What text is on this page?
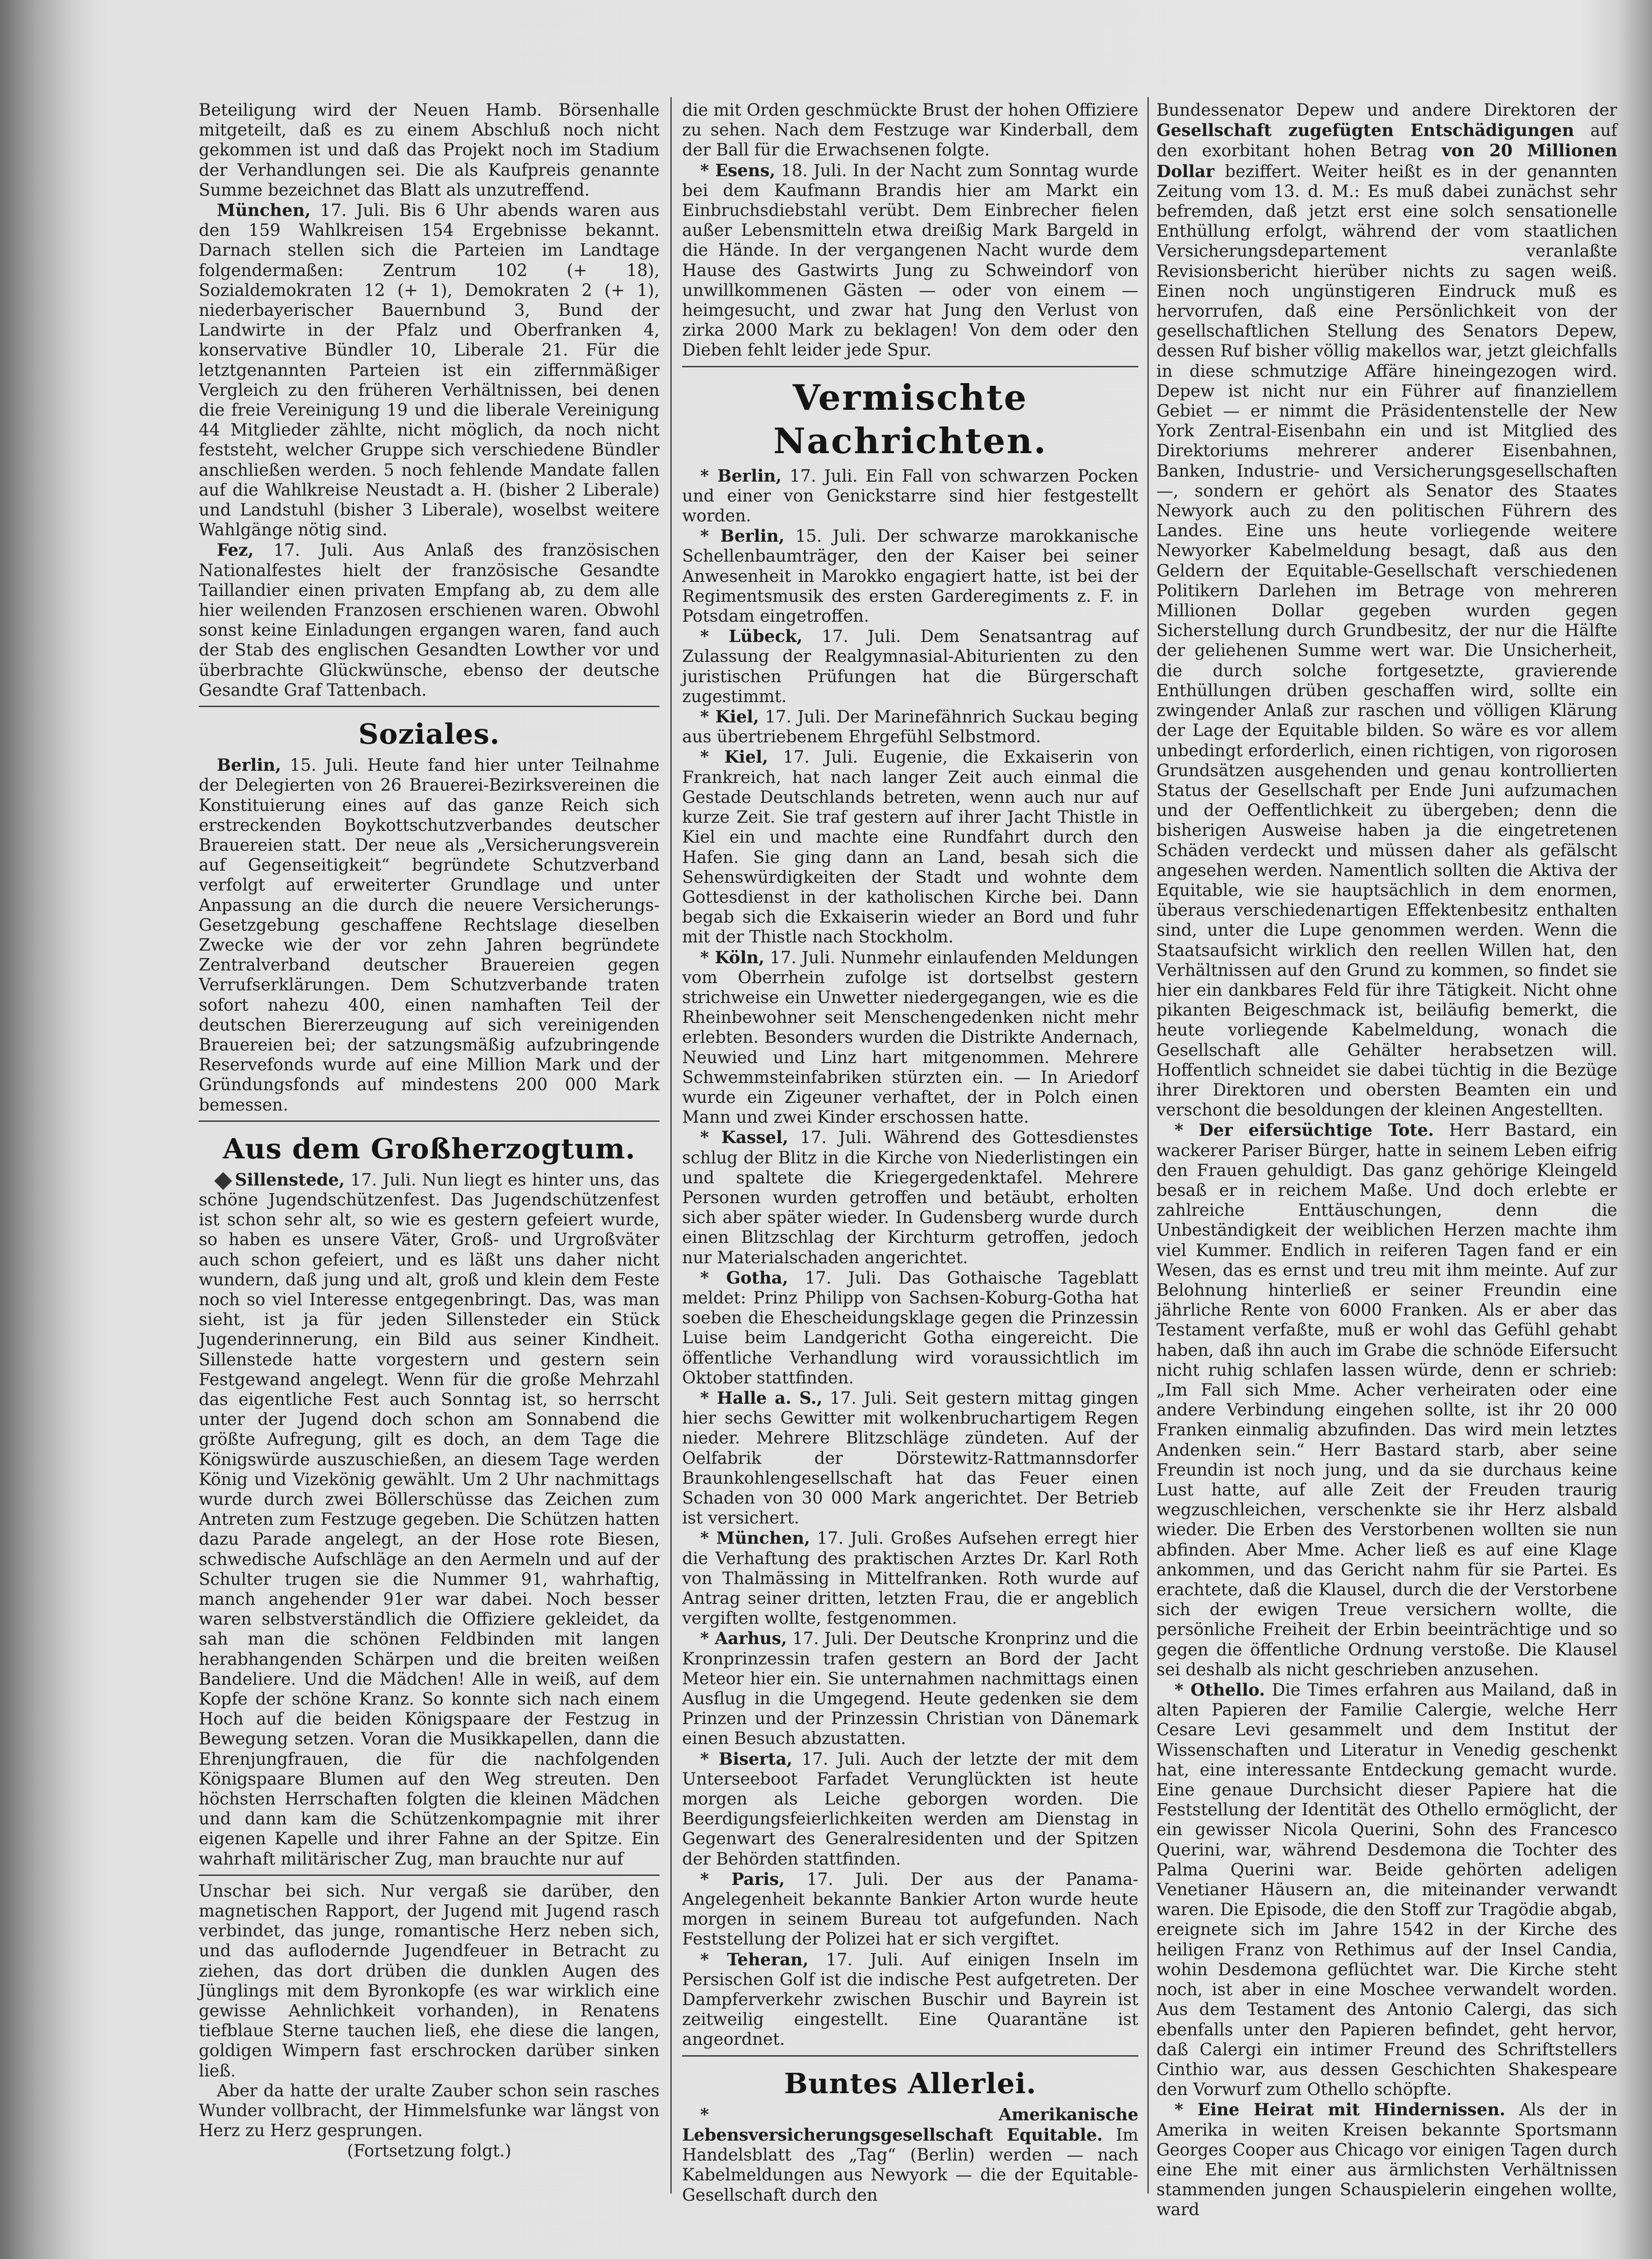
Beteiligung wird der Neuen Hamb. Börsenhalle mitgeteilt, daß es zu einem Abschluß noch nicht gekommen ist und daß das Projekt noch im Stadium der Verhandlungen sei. Die als Kaufpreis genannte Summe bezeichnet das Blatt als unzutreffend.

München, 17. Juli. Bis 6 Uhr abends waren aus den 159 Wahlkreisen 154 Ergebnisse bekannt. Darnach stellen sich die Parteien im Landtage folgendermaßen: Zentrum 102 (+ 18), Sozialdemokraten 12 (+ 1), Demokraten 2 (+ 1), niederbayerischer Bauernbund 3, Bund der Landwirte in der Pfalz und Oberfranken 4, konservative Bündler 10, Liberale 21. Für die letztgenannten Parteien ist ein ziffernmäßiger Vergleich zu den früheren Verhältnissen, bei denen die freie Vereinigung 19 und die liberale Vereinigung 44 Mitglieder zählte, nicht möglich, da noch nicht feststeht, welcher Gruppe sich verschiedene Bündler anschließen werden. 5 noch fehlende Mandate fallen auf die Wahlkreise Neustadt a. H. (bisher 2 Liberale) und Landstuhl (bisher 3 Liberale), woselbst weitere Wahlgänge nötig sind.

Fez, 17. Juli. Aus Anlaß des französischen Nationalfestes hielt der französische Gesandte Taillandier einen privaten Empfang ab, zu dem alle hier weilenden Franzosen erschienen waren. Obwohl sonst keine Einladungen ergangen waren, fand auch der Stab des englischen Gesandten Lowther vor und überbrachte Glückwünsche, ebenso der deutsche Gesandte Graf Tattenbach.

Soziales.

Berlin, 15. Juli. Heute fand hier unter Teilnahme der Delegierten von 26 Brauerei-Bezirksvereinen die Konstituierung eines auf das ganze Reich sich erstreckenden Boykottschutzverbandes deutscher Brauereien statt. Der neue als „Versicherungsverein auf Gegenseitigkeit“ begründete Schutzverband verfolgt auf erweiterter Grundlage und unter Anpassung an die durch die neuere Versicherungs-Gesetzgebung geschaffene Rechtslage dieselben Zwecke wie der vor zehn Jahren begründete Zentralverband deutscher Brauereien gegen Verrufserklärungen. Dem Schutzverbande traten sofort nahezu 400, einen namhaften Teil der deutschen Biererzeugung auf sich vereinigenden Brauereien bei; der satzungsmäßig aufzubringende Reservefonds wurde auf eine Million Mark und der Gründungsfonds auf mindestens 200 000 Mark bemessen.

Aus dem Großherzogtum.

Sillenstede, 17. Juli. Nun liegt es hinter uns, das schöne Jugendschützenfest. Das Jugendschützenfest ist schon sehr alt, so wie es gestern gefeiert wurde, so haben es unsere Väter, Groß- und Urgroßväter auch schon gefeiert, und es läßt uns daher nicht wundern, daß jung und alt, groß und klein dem Feste noch so viel Interesse entgegenbringt. Das, was man sieht, ist ja für jeden Sillensteder ein Stück Jugenderinnerung, ein Bild aus seiner Kindheit. Sillenstede hatte vorgestern und gestern sein Festgewand angelegt. Wenn für die große Mehrzahl das eigentliche Fest auch Sonntag ist, so herrscht unter der Jugend doch schon am Sonnabend die größte Aufregung, gilt es doch, an dem Tage die Königswürde auszuschießen, an diesem Tage werden König und Vizekönig gewählt. Um 2 Uhr nachmittags wurde durch zwei Böllerschüsse das Zeichen zum Antreten zum Festzuge gegeben. Die Schützen hatten dazu Parade angelegt, an der Hose rote Biesen, schwedische Aufschläge an den Aermeln und auf der Schulter trugen sie die Nummer 91, wahrhaftig, manch angehender 91er war dabei. Noch besser waren selbstverständlich die Offiziere gekleidet, da sah man die schönen Feldbinden mit langen herabhangenden Schärpen und die breiten weißen Bandeliere. Und die Mädchen! Alle in weiß, auf dem Kopfe der schöne Kranz. So konnte sich nach einem Hoch auf die beiden Königspaare der Festzug in Bewegung setzen. Voran die Musikkapellen, dann die Ehrenjungfrauen, die für die nachfolgenden Königspaare Blumen auf den Weg streuten. Den höchsten Herrschaften folgten die kleinen Mädchen und dann kam die Schützenkompagnie mit ihrer eigenen Kapelle und ihrer Fahne an der Spitze. Ein wahrhaft militärischer Zug, man brauchte nur auf

Unschar bei sich. Nur vergaß sie darüber, den magnetischen Rapport, der Jugend mit Jugend rasch verbindet, das junge, romantische Herz neben sich, und das auflodernde Jugendfeuer in Betracht zu ziehen, das dort drüben die dunklen Augen des Jünglings mit dem Byronkopfe (es war wirklich eine gewisse Aehnlichkeit vorhanden), in Renatens tiefblaue Sterne tauchen ließ, ehe diese die langen, goldigen Wimpern fast erschrocken darüber sinken ließ.

Aber da hatte der uralte Zauber schon sein rasches Wunder vollbracht, der Himmelsfunke war längst von Herz zu Herz gesprungen.

(Fortsetzung folgt.)

die mit Orden geschmückte Brust der hohen Offiziere zu sehen. Nach dem Festzuge war Kinderball, dem der Ball für die Erwachsenen folgte.

* Esens, 18. Juli. In der Nacht zum Sonntag wurde bei dem Kaufmann Brandis hier am Markt ein Einbruchsdiebstahl verübt. Dem Einbrecher fielen außer Lebensmitteln etwa dreißig Mark Bargeld in die Hände. In der vergangenen Nacht wurde dem Hause des Gastwirts Jung zu Schweindorf von unwillkommenen Gästen — oder von einem — heimgesucht, und zwar hat Jung den Verlust von zirka 2000 Mark zu beklagen! Von dem oder den Dieben fehlt leider jede Spur.

Vermischte Nachrichten.

* Berlin, 17. Juli. Ein Fall von schwarzen Pocken und einer von Genickstarre sind hier festgestellt worden.

* Berlin, 15. Juli. Der schwarze marokkanische Schellenbaumträger, den der Kaiser bei seiner Anwesenheit in Marokko engagiert hatte, ist bei der Regimentsmusik des ersten Garderegiments z. F. in Potsdam eingetroffen.

* Lübeck, 17. Juli. Dem Senatsantrag auf Zulassung der Realgymnasial-Abiturienten zu den juristischen Prüfungen hat die Bürgerschaft zugestimmt.

* Kiel, 17. Juli. Der Marinefähnrich Suckau beging aus übertriebenem Ehrgefühl Selbstmord.

* Kiel, 17. Juli. Eugenie, die Exkaiserin von Frankreich, hat nach langer Zeit auch einmal die Gestade Deutschlands betreten, wenn auch nur auf kurze Zeit. Sie traf gestern auf ihrer Jacht Thistle in Kiel ein und machte eine Rundfahrt durch den Hafen. Sie ging dann an Land, besah sich die Sehenswürdigkeiten der Stadt und wohnte dem Gottesdienst in der katholischen Kirche bei. Dann begab sich die Exkaiserin wieder an Bord und fuhr mit der Thistle nach Stockholm.

* Köln, 17. Juli. Nunmehr einlaufenden Meldungen vom Oberrhein zufolge ist dortselbst gestern strichweise ein Unwetter niedergegangen, wie es die Rheinbewohner seit Menschengedenken nicht mehr erlebten. Besonders wurden die Distrikte Andernach, Neuwied und Linz hart mitgenommen. Mehrere Schwemmsteinfabriken stürzten ein. — In Ariedorf wurde ein Zigeuner verhaftet, der in Polch einen Mann und zwei Kinder erschossen hatte.

* Kassel, 17. Juli. Während des Gottesdienstes schlug der Blitz in die Kirche von Niederlistingen ein und spaltete die Kriegergedenktafel. Mehrere Personen wurden getroffen und betäubt, erholten sich aber später wieder. In Gudensberg wurde durch einen Blitzschlag der Kirchturm getroffen, jedoch nur Materialschaden angerichtet.

* Gotha, 17. Juli. Das Gothaische Tageblatt meldet: Prinz Philipp von Sachsen-Koburg-Gotha hat soeben die Ehescheidungsklage gegen die Prinzessin Luise beim Landgericht Gotha eingereicht. Die öffentliche Verhandlung wird voraussichtlich im Oktober stattfinden.

* Halle a. S., 17. Juli. Seit gestern mittag gingen hier sechs Gewitter mit wolkenbruchartigem Regen nieder. Mehrere Blitzschläge zündeten. Auf der Oelfabrik der Dörstewitz-Rattmannsdorfer Braunkohlengesellschaft hat das Feuer einen Schaden von 30 000 Mark angerichtet. Der Betrieb ist versichert.

* München, 17. Juli. Großes Aufsehen erregt hier die Verhaftung des praktischen Arztes Dr. Karl Roth von Thalmässing in Mittelfranken. Roth wurde auf Antrag seiner dritten, letzten Frau, die er angeblich vergiften wollte, festgenommen.

* Aarhus, 17. Juli. Der Deutsche Kronprinz und die Kronprinzessin trafen gestern an Bord der Jacht Meteor hier ein. Sie unternahmen nachmittags einen Ausflug in die Umgegend. Heute gedenken sie dem Prinzen und der Prinzessin Christian von Dänemark einen Besuch abzustatten.

* Biserta, 17. Juli. Auch der letzte der mit dem Unterseeboot Farfadet Verunglückten ist heute morgen als Leiche geborgen worden. Die Beerdigungsfeierlichkeiten werden am Dienstag in Gegenwart des Generalresidenten und der Spitzen der Behörden stattfinden.

* Paris, 17. Juli. Der aus der Panama-Angelegenheit bekannte Bankier Arton wurde heute morgen in seinem Bureau tot aufgefunden. Nach Feststellung der Polizei hat er sich vergiftet.

* Teheran, 17. Juli. Auf einigen Inseln im Persischen Golf ist die indische Pest aufgetreten. Der Dampferverkehr zwischen Buschir und Bayrein ist zeitweilig eingestellt. Eine Quarantäne ist angeordnet.

Buntes Allerlei.

* Amerikanische Lebensversicherungsgesellschaft Equitable. Im Handelsblatt des „Tag“ (Berlin) werden — nach Kabelmeldungen aus Newyork — die der Equitable-Gesellschaft durch den

Bundessenator Depew und andere Direktoren der Gesellschaft zugefügten Entschädigungen auf den exorbitant hohen Betrag von 20 Millionen Dollar beziffert. Weiter heißt es in der genannten Zeitung vom 13. d. M.: Es muß dabei zunächst sehr befremden, daß jetzt erst eine solch sensationelle Enthüllung erfolgt, während der vom staatlichen Versicherungsdepartement veranlaßte Revisionsbericht hierüber nichts zu sagen weiß. Einen noch ungünstigeren Eindruck muß es hervorrufen, daß eine Persönlichkeit von der gesellschaftlichen Stellung des Senators Depew, dessen Ruf bisher völlig makellos war, jetzt gleichfalls in diese schmutzige Affäre hineingezogen wird. Depew ist nicht nur ein Führer auf finanziellem Gebiet — er nimmt die Präsidentenstelle der New York Zentral-Eisenbahn ein und ist Mitglied des Direktoriums mehrerer anderer Eisenbahnen, Banken, Industrie- und Versicherungsgesellschaften —, sondern er gehört als Senator des Staates Newyork auch zu den politischen Führern des Landes. Eine uns heute vorliegende weitere Newyorker Kabelmeldung besagt, daß aus den Geldern der Equitable-Gesellschaft verschiedenen Politikern Darlehen im Betrage von mehreren Millionen Dollar gegeben wurden gegen Sicherstellung durch Grundbesitz, der nur die Hälfte der geliehenen Summe wert war. Die Unsicherheit, die durch solche fortgesetzte, gravierende Enthüllungen drüben geschaffen wird, sollte ein zwingender Anlaß zur raschen und völligen Klärung der Lage der Equitable bilden. So wäre es vor allem unbedingt erforderlich, einen richtigen, von rigorosen Grundsätzen ausgehenden und genau kontrollierten Status der Gesellschaft per Ende Juni aufzumachen und der Oeffentlichkeit zu übergeben; denn die bisherigen Ausweise haben ja die eingetretenen Schäden verdeckt und müssen daher als gefälscht angesehen werden. Namentlich sollten die Aktiva der Equitable, wie sie hauptsächlich in dem enormen, überaus verschiedenartigen Effektenbesitz enthalten sind, unter die Lupe genommen werden. Wenn die Staatsaufsicht wirklich den reellen Willen hat, den Verhältnissen auf den Grund zu kommen, so findet sie hier ein dankbares Feld für ihre Tätigkeit. Nicht ohne pikanten Beigeschmack ist, beiläufig bemerkt, die heute vorliegende Kabelmeldung, wonach die Gesellschaft alle Gehälter herabsetzen will. Hoffentlich schneidet sie dabei tüchtig in die Bezüge ihrer Direktoren und obersten Beamten ein und verschont die besoldungen der kleinen Angestellten.

* Der eifersüchtige Tote. Herr Bastard, ein wackerer Pariser Bürger, hatte in seinem Leben eifrig den Frauen gehuldigt. Das ganz gehörige Kleingeld besaß er in reichem Maße. Und doch erlebte er zahlreiche Enttäuschungen, denn die Unbeständigkeit der weiblichen Herzen machte ihm viel Kummer. Endlich in reiferen Tagen fand er ein Wesen, das es ernst und treu mit ihm meinte. Auf zur Belohnung hinterließ er seiner Freundin eine jährliche Rente von 6000 Franken. Als er aber das Testament verfaßte, muß er wohl das Gefühl gehabt haben, daß ihn auch im Grabe die schnöde Eifersucht nicht ruhig schlafen lassen würde, denn er schrieb: „Im Fall sich Mme. Acher verheiraten oder eine andere Verbindung eingehen sollte, ist ihr 20 000 Franken einmalig abzufinden. Das wird mein letztes Andenken sein.“ Herr Bastard starb, aber seine Freundin ist noch jung, und da sie durchaus keine Lust hatte, auf alle Zeit der Freuden traurig wegzuschleichen, verschenkte sie ihr Herz alsbald wieder. Die Erben des Verstorbenen wollten sie nun abfinden. Aber Mme. Acher ließ es auf eine Klage ankommen, und das Gericht nahm für sie Partei. Es erachtete, daß die Klausel, durch die der Verstorbene sich der ewigen Treue versichern wollte, die persönliche Freiheit der Erbin beeinträchtige und so gegen die öffentliche Ordnung verstoße. Die Klausel sei deshalb als nicht geschrieben anzusehen.

* Othello. Die Times erfahren aus Mailand, daß in alten Papieren der Familie Calergie, welche Herr Cesare Levi gesammelt und dem Institut der Wissenschaften und Literatur in Venedig geschenkt hat, eine interessante Entdeckung gemacht wurde. Eine genaue Durchsicht dieser Papiere hat die Feststellung der Identität des Othello ermöglicht, der ein gewisser Nicola Querini, Sohn des Francesco Querini, war, während Desdemona die Tochter des Palma Querini war. Beide gehörten adeligen Venetianer Häusern an, die miteinander verwandt waren. Die Episode, die den Stoff zur Tragödie abgab, ereignete sich im Jahre 1542 in der Kirche des heiligen Franz von Rethimus auf der Insel Candia, wohin Desdemona geflüchtet war. Die Kirche steht noch, ist aber in eine Moschee verwandelt worden. Aus dem Testament des Antonio Calergi, das sich ebenfalls unter den Papieren befindet, geht hervor, daß Calergi ein intimer Freund des Schriftstellers Cinthio war, aus dessen Geschichten Shakespeare den Vorwurf zum Othello schöpfte.

* Eine Heirat mit Hindernissen. Als der in Amerika in weiten Kreisen bekannte Sportsmann Georges Cooper aus Chicago vor einigen Tagen durch eine Ehe mit einer aus ärmlichsten Verhältnissen stammenden jungen Schauspielerin eingehen wollte, ward
